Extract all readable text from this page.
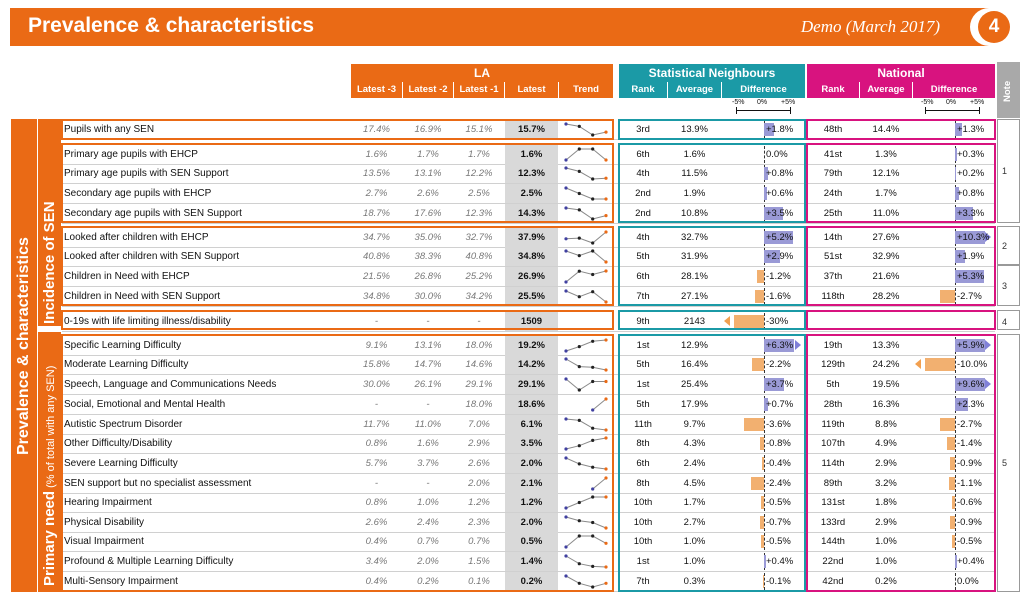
Prevalence & characteristics	Demo (March 2017)	4
LA	Statistical Neighbours	National
Note
Latest -3	Latest -2	Latest -1	Latest	Trend	Rank	Average	Difference	Rank	Average	Difference
-5% 0% +5%	-5% 0% +5%
Prevalence & characteristics Incidence of SEN
Primary need (% of total with any SEN)
Pupils with any SEN	17.4%	16.9%	15.1%	15.7%	3rd	13.9%	+1.8%	48th	14.4%	+1.3%
Primary age pupils with EHCP	1.6%	1.7%	1.7%	1.6%	6th	1.6%	0.0%	41st	1.3%	+0.3%
Primary age pupils with SEN Support	13.5%	13.1%	12.2%	12.3%	4th	11.5%	+0.8%	79th	12.1%	+0.2%
Secondary age pupils with EHCP	2.7%	2.6%	2.5%	2.5%	2nd	1.9%	+0.6%	24th	1.7%	+0.8%
Secondary age pupils with SEN Support	18.7%	17.6%	12.3%	14.3%	2nd	10.8%	+3.5%	25th	11.0%	+3.3%
Looked after children with EHCP	34.7%	35.0%	32.7%	37.9%	4th	32.7%	+5.2%	14th	27.6%	+10.3%
Looked after children with SEN Support	40.8%	38.3%	40.8%	34.8%	5th	31.9%	+2.9%	51st	32.9%	+1.9%
Children in Need with EHCP	21.5%	26.8%	25.2%	26.9%	6th	28.1%	-1.2%	37th	21.6%	+5.3%
Children in Need with SEN Support	34.8%	30.0%	34.2%	25.5%	7th	27.1%	-1.6%	118th	28.2%	-2.7%
0-19s with life limiting illness/disability	-	-	-	1509	9th	2143	-30%
Specific Learning Difficulty	9.1%	13.1%	18.0%	19.2%	1st	12.9%	+6.3%	19th	13.3%	+5.9%
Moderate Learning Difficulty	15.8%	14.7%	14.6%	14.2%	5th	16.4%	-2.2%	129th	24.2%	-10.0%
Speech, Language and Communications Needs	30.0%	26.1%	29.1%	29.1%	1st	25.4%	+3.7%	5th	19.5%	+9.6%
Social, Emotional and Mental Health	-	-	18.0%	18.6%	5th	17.9%	+0.7%	28th	16.3%	+2.3%
Autistic Spectrum Disorder	11.7%	11.0%	7.0%	6.1%	11th	9.7%	-3.6%	119th	8.8%	-2.7%
Other Difficulty/Disability	0.8%	1.6%	2.9%	3.5%	8th	4.3%	-0.8%	107th	4.9%	-1.4%
Severe Learning Difficulty	5.7%	3.7%	2.6%	2.0%	6th	2.4%	-0.4%	114th	2.9%	-0.9%
SEN support but no specialist assessment	-	-	2.0%	2.1%	8th	4.5%	-2.4%	89th	3.2%	-1.1%
Hearing Impairment	0.8%	1.0%	1.2%	1.2%	10th	1.7%	-0.5%	131st	1.8%	-0.6%
Physical Disability	2.6%	2.4%	2.3%	2.0%	10th	2.7%	-0.7%	133rd	2.9%	-0.9%
Visual Impairment	0.4%	0.7%	0.7%	0.5%	10th	1.0%	-0.5%	144th	1.0%	-0.5%
Profound & Multiple Learning Difficulty	3.4%	2.0%	1.5%	1.4%	1st	1.0%	+0.4%	22nd	1.0%	+0.4%
Multi-Sensory Impairment	0.4%	0.2%	0.1%	0.2%	7th	0.3%	-0.1%	42nd	0.2%	0.0%
1
2
3
4
5
